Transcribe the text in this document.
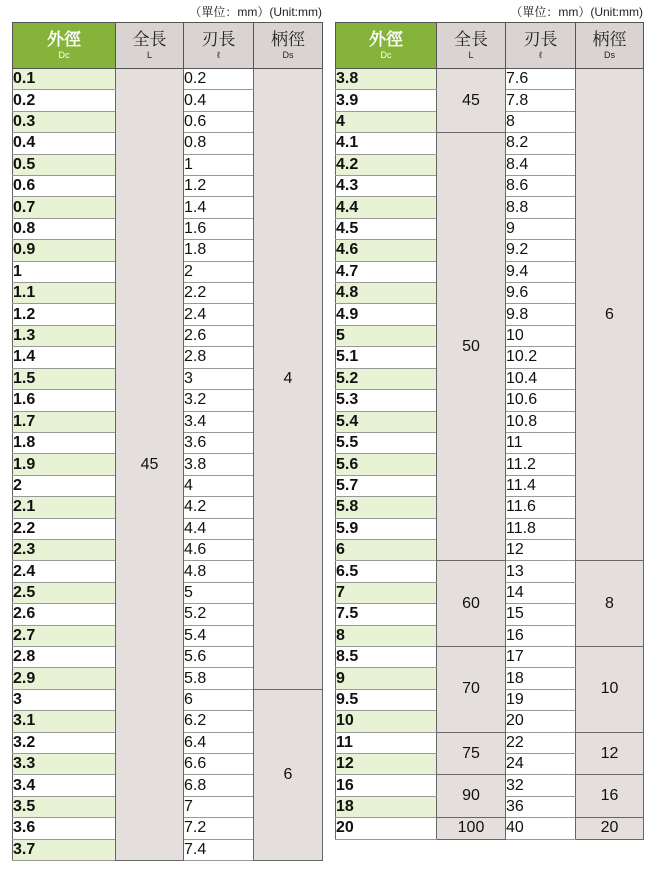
（單位：mm）(Unit:mm)
外徑
Dc	全長
L	刃長
ℓ	柄徑
Ds

0.1	45	0.2	4
0.2		0.4	
0.3		0.6	
0.4		0.8	
0.5		1	
0.6		1.2	
0.7		1.4	
0.8		1.6	
0.9		1.8	
1		2	
1.1		2.2	
1.2		2.4	
1.3		2.6	
1.4		2.8	
1.5		3	
1.6		3.2	
1.7		3.4	
1.8		3.6	
1.9		3.8	
2		4	
2.1		4.2	
2.2		4.4	
2.3		4.6	
2.4		4.8	
2.5		5	
2.6		5.2	
2.7		5.4	
2.8		5.6	
2.9		5.8	
3		6	6
3.1		6.2	
3.2		6.4	
3.3		6.6	
3.4		6.8	
3.5		7	
3.6		7.2	
3.7		7.4	
（單位：mm）(Unit:mm)
外徑
Dc	全長
L	刃長
ℓ	柄徑
Ds

3.8	45	7.6	6
3.9		7.8	
4		8	
4.1	50	8.2	
4.2		8.4	
4.3		8.6	
4.4		8.8	
4.5		9	
4.6		9.2	
4.7		9.4	
4.8		9.6	
4.9		9.8	
5		10	
5.1		10.2	
5.2		10.4	
5.3		10.6	
5.4		10.8	
5.5		11	
5.6		11.2	
5.7		11.4	
5.8		11.6	
5.9		11.8	
6		12	
6.5	60	13	8
7		14	
7.5		15	
8		16	
8.5	70	17	10
9		18	
9.5		19	
10		20	
11	75	22	12
12		24	
16	90	32	16
18		36	
20	100	40	20
